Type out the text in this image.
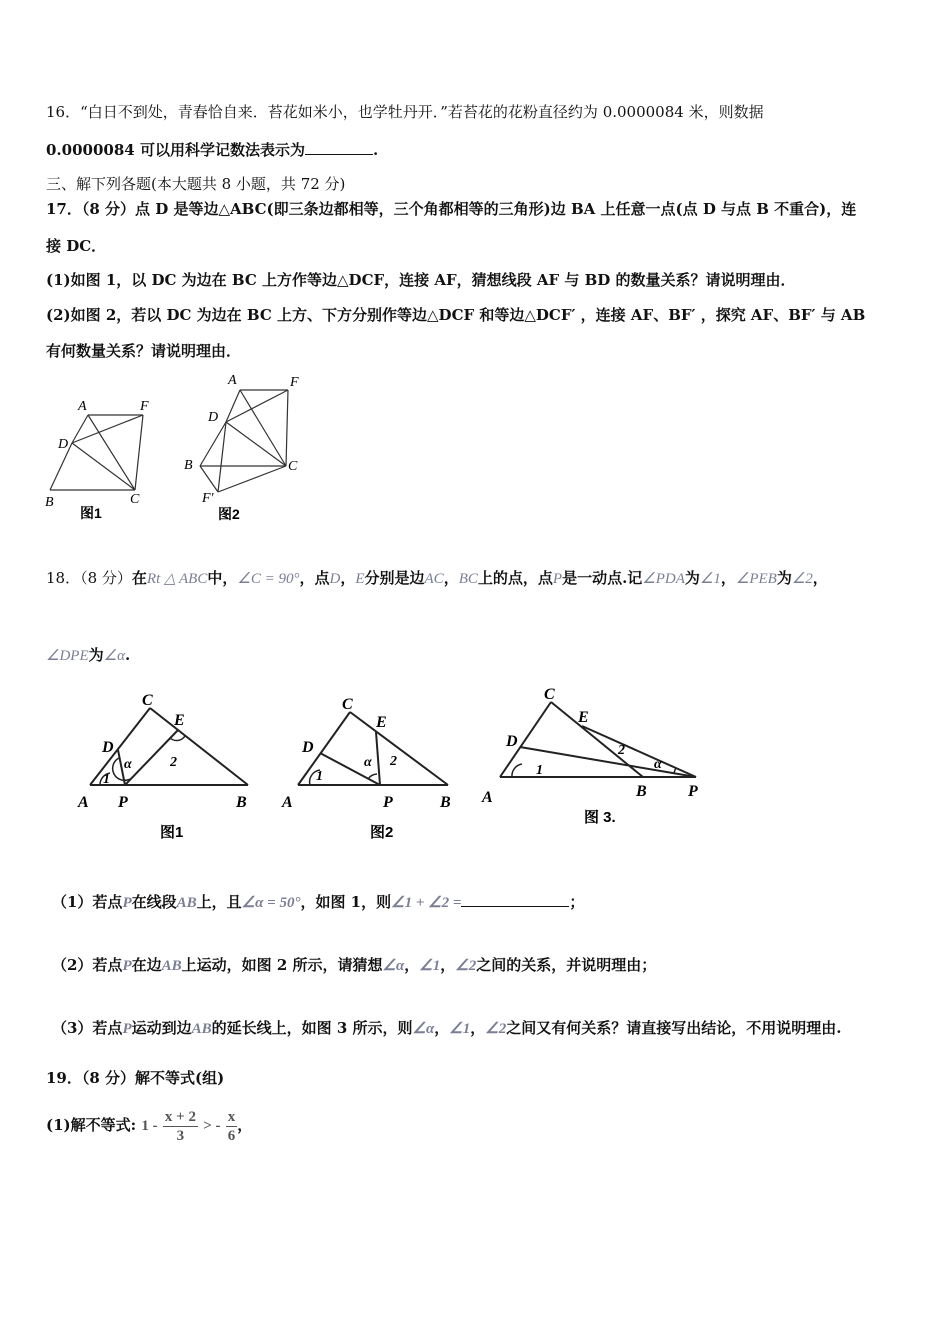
16．“白日不到处，青春恰自来．苔花如米小，也学牡丹开．”若苔花的花粉直径约为 0.0000084 米，则数据
0.0000084 可以用科学记数法表示为	.
三、解下列各题(本大题共 8 小题，共 72 分)
17．（8 分）点 D 是等边△ABC(即三条边都相等，三个角都相等的三角形)边 BA 上任意一点(点 D 与点 B 不重合)，连
接 DC．
(1)如图 1，以 DC 为边在 BC 上方作等边△DCF，连接 AF，猜想线段 AF 与 BD 的数量关系？请说明理由．
(2)如图 2，若以 DC 为边在 BC 上方、下方分别作等边△DCF 和等边△DCF′ ，连接 AF、BF′ ，探究 AF、BF′ 与 AB
有何数量关系？请说明理由．
A	F
D
B	C
图1
A	F
D
B	C
F′
图2
18．（8 分）在Rt △ ABC中，∠C = 90°，点D，E分别是边AC，BC上的点，点P是一动点.记∠PDA为∠1，∠PEB为∠2，
∠DPE为∠α.
C
E
D
A P	B
1
2
α
图1
C
E
D
A	P	B
1
2
α
图2
C
E
D
A	B	P
1
2
α
图 3.
（1）若点P在线段AB上，且∠α = 50°，如图 1，则∠1 + ∠2 =	；
（2）若点P在边AB上运动，如图 2 所示，请猜想∠α，∠1，∠2之间的关系，并说明理由；
（3）若点P运动到边AB的延长线上，如图 3 所示，则∠α，∠1，∠2之间又有何关系？请直接写出结论，不用说明理由.
19．（8 分）解不等式(组)
(1)解不等式: $1 - \frac{x + 2}{3}$ > - $\frac{x}{6}$ ，
